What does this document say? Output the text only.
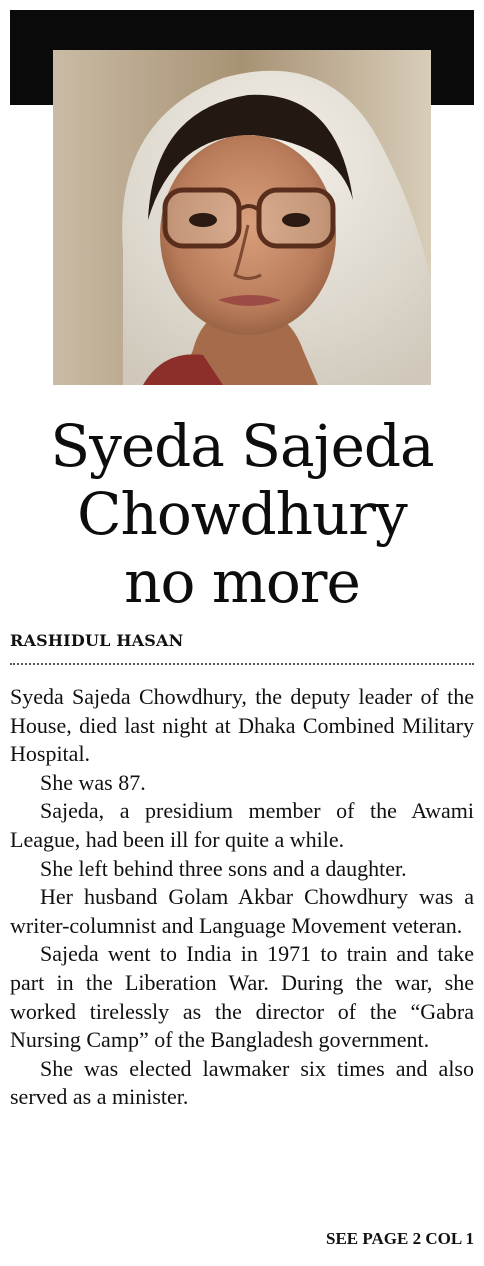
Syeda Sajeda
Chowdhury
no more
RASHIDUL HASAN

Syeda Sajeda Chowdhury, the deputy leader of the House, died last night at Dhaka Combined Military Hospital.

She was 87.

Sajeda, a presidium member of the Awami League, had been ill for quite a while.

She left behind three sons and a daughter.

Her husband Golam Akbar Chowdhury was a writer-columnist and Language Movement veteran.

Sajeda went to India in 1971 to train and take part in the Liberation War. During the war, she worked tirelessly as the director of the “Gabra Nursing Camp” of the Bangladesh government.

She was elected lawmaker six times and also served as a minister.

SEE PAGE 2 COL 1
